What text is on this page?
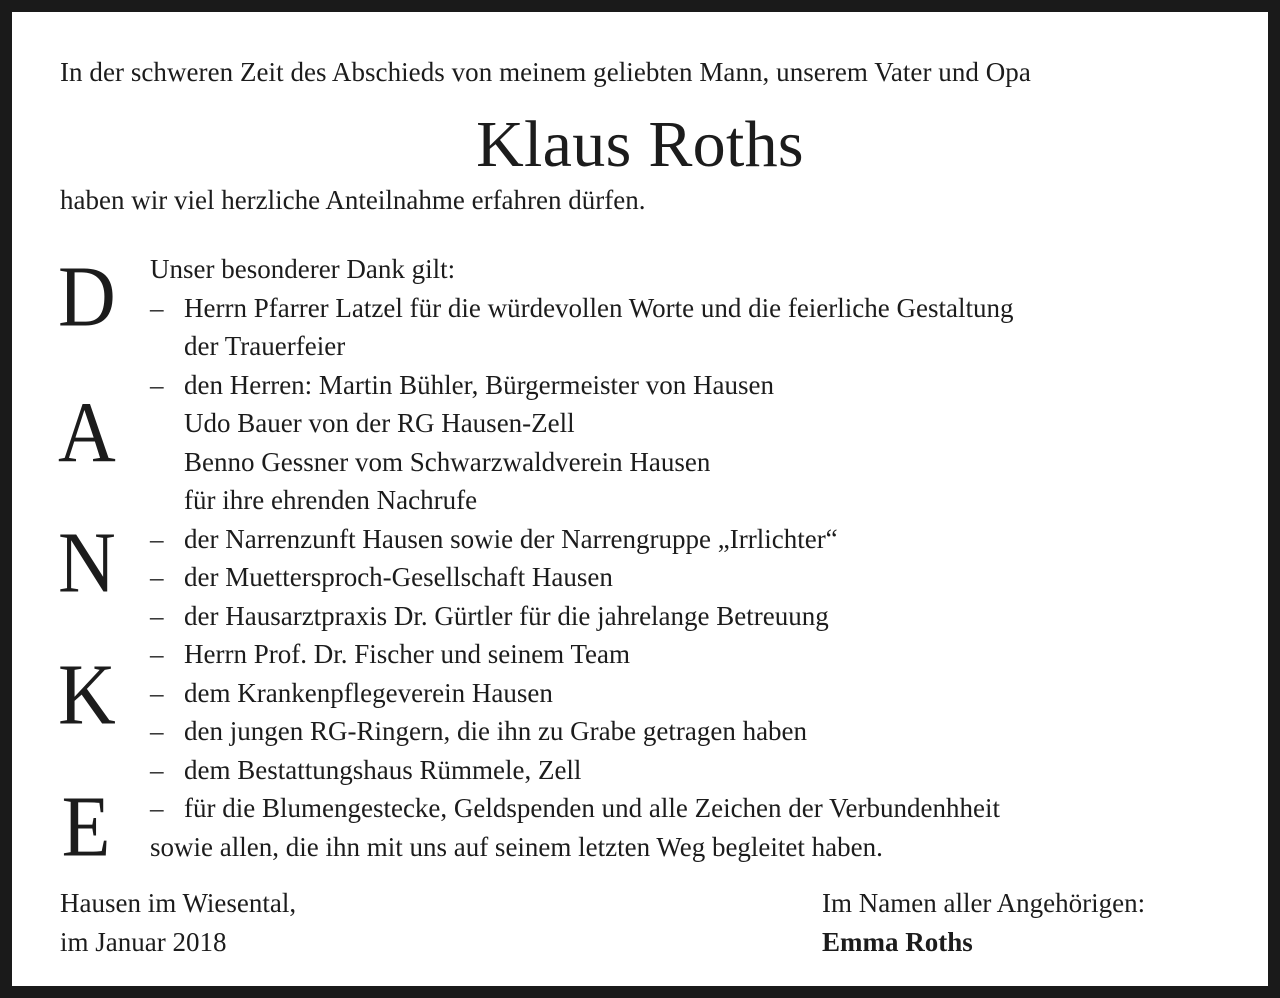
In der schweren Zeit des Abschieds von meinem geliebten Mann, unserem Vater und Opa
Klaus Roths
haben wir viel herzliche Anteilnahme erfahren dürfen.
D
A
N
K
E
Unser besonderer Dank gilt:
– Herrn Pfarrer Latzel für die würdevollen Worte und die feierliche Gestaltung
der Trauerfeier
– den Herren: Martin Bühler, Bürgermeister von Hausen
Udo Bauer von der RG Hausen-Zell
Benno Gessner vom Schwarzwaldverein Hausen
für ihre ehrenden Nachrufe
– der Narrenzunft Hausen sowie der Narrengruppe „Irrlichter“
– der Muettersproch-Gesellschaft Hausen
– der Hausarztpraxis Dr. Gürtler für die jahrelange Betreuung
– Herrn Prof. Dr. Fischer und seinem Team
– dem Krankenpflegeverein Hausen
– den jungen RG-Ringern, die ihn zu Grabe getragen haben
– dem Bestattungshaus Rümmele, Zell
– für die Blumengestecke, Geldspenden und alle Zeichen der Verbundenhheit
sowie allen, die ihn mit uns auf seinem letzten Weg begleitet haben.
Hausen im Wiesental,
im Januar 2018
Im Namen aller Angehörigen:
Emma Roths
